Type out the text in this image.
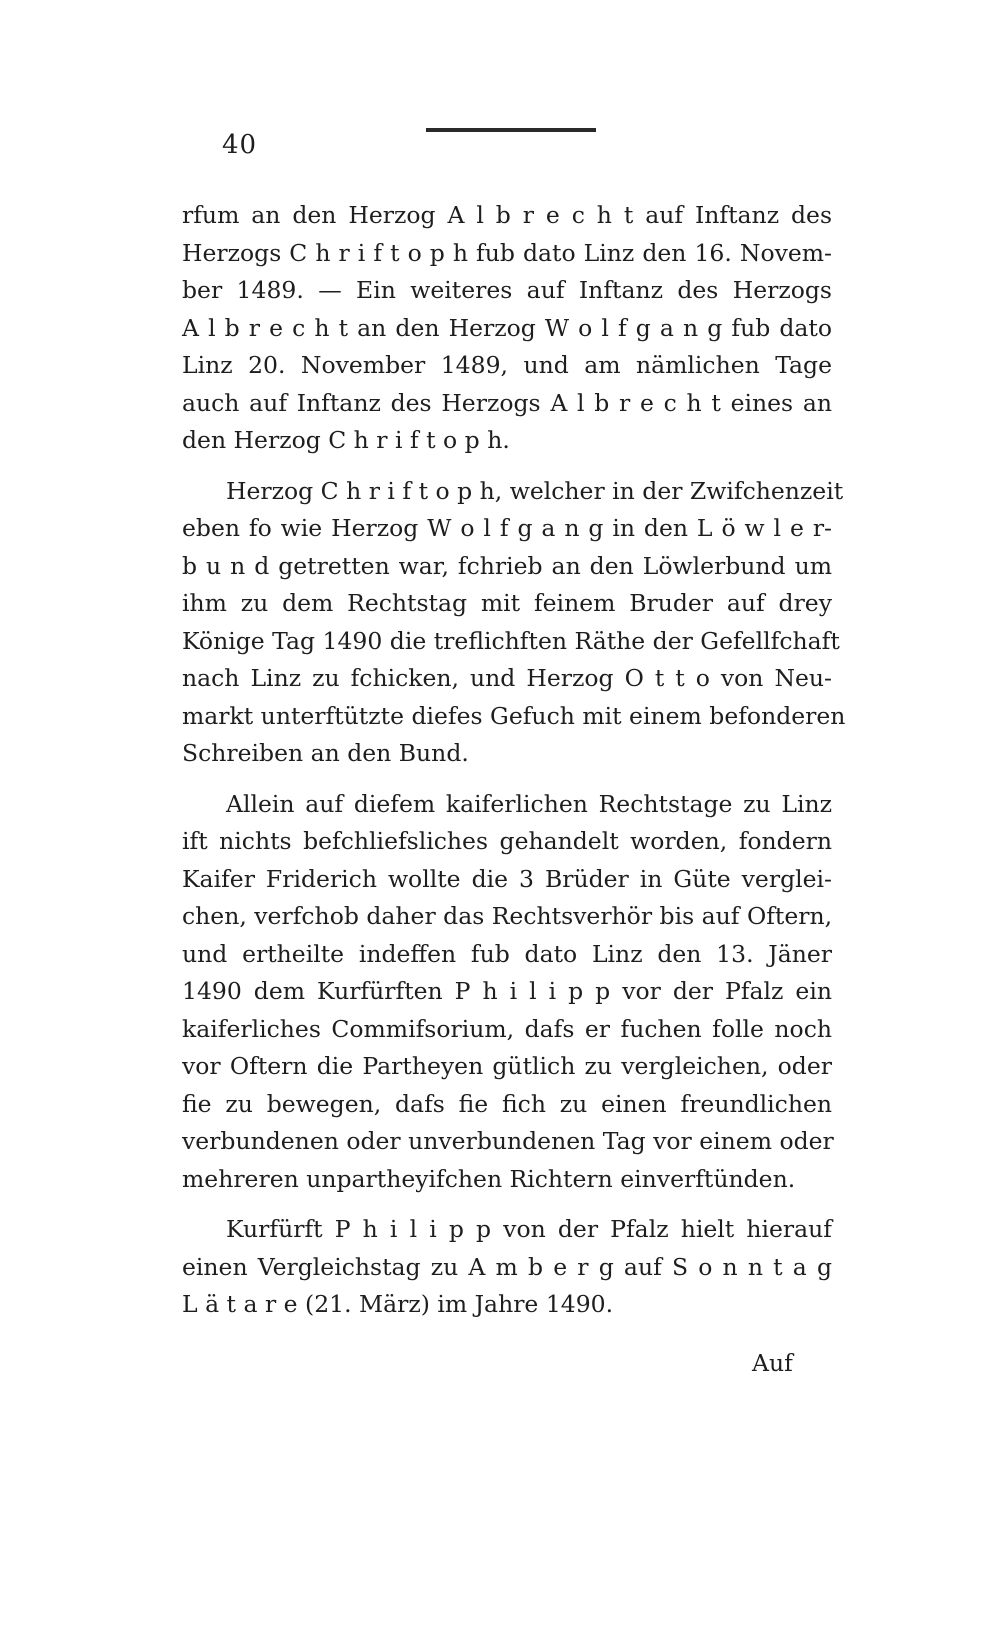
40
rfum an den Herzog A l b r e c h t auf Inftanz des
Herzogs C h r i f t o p h fub dato Linz den 16. Novem-
ber 1489. — Ein weiteres auf Inftanz des Herzogs
A l b r e c h t an den Herzog W o l f g a n g fub dato
Linz 20. November 1489, und am nämlichen Tage
auch auf Inftanz des Herzogs A l b r e c h t eines an
den Herzog C h r i f t o p h.
Herzog C h r i f t o p h, welcher in der Zwifchenzeit
eben fo wie Herzog W o l f g a n g in den L ö w l e r-
b u n d getretten war, fchrieb an den Löwlerbund um
ihm zu dem Rechtstag mit feinem Bruder auf drey
Könige Tag 1490 die treflichften Räthe der Gefellfchaft
nach Linz zu fchicken, und Herzog O t t o von Neu-
markt unterftützte diefes Gefuch mit einem befonderen
Schreiben an den Bund.
Allein auf diefem kaiferlichen Rechtstage zu Linz
ift nichts befchliefsliches gehandelt worden, fondern
Kaifer Friderich wollte die 3 Brüder in Güte verglei-
chen, verfchob daher das Rechtsverhör bis auf Oftern,
und ertheilte indeffen fub dato Linz den 13. Jäner
1490 dem Kurfürften P h i l i p p vor der Pfalz ein
kaiferliches Commifsorium, dafs er fuchen folle noch
vor Oftern die Partheyen gütlich zu vergleichen, oder
fie zu bewegen, dafs fie fich zu einen freundlichen
verbundenen oder unverbundenen Tag vor einem oder
mehreren unpartheyifchen Richtern einverftünden.
Kurfürft P h i l i p p von der Pfalz hielt hierauf
einen Vergleichstag zu A m b e r g auf S o n n t a g
L ä t a r e (21. März) im Jahre 1490.
Auf
